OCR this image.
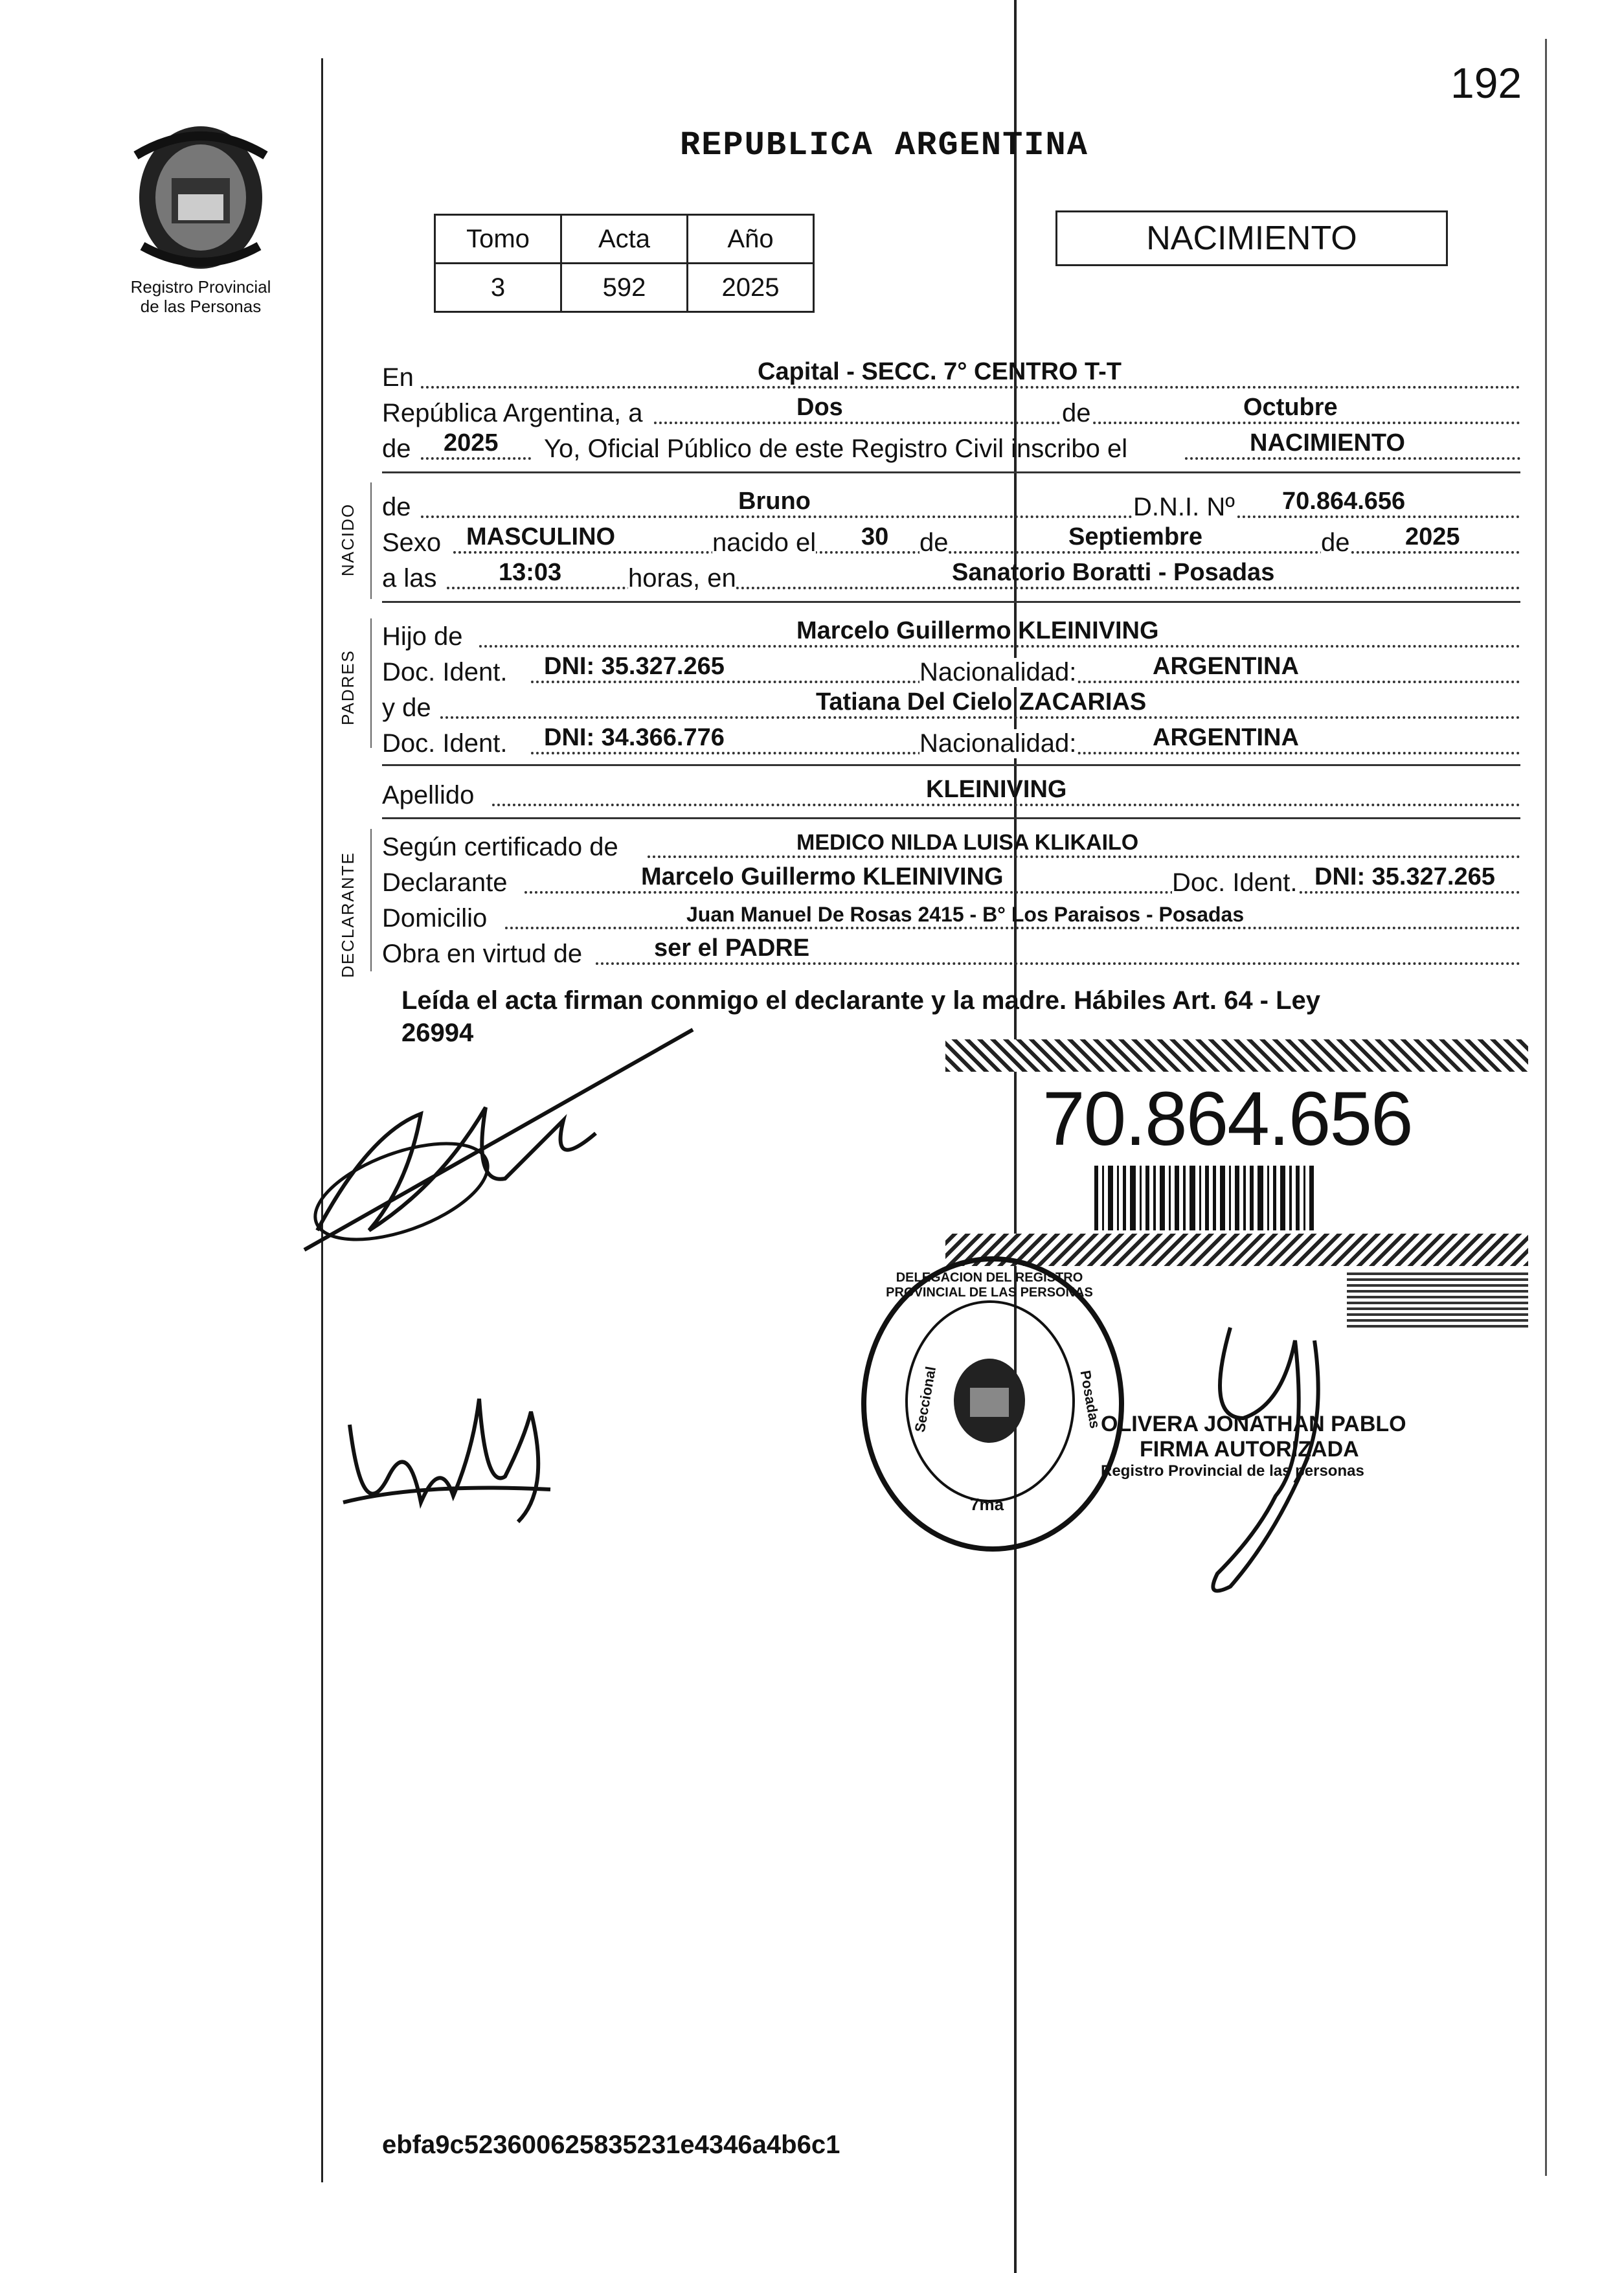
192
Registro Provincial
de las Personas
REPUBLICA ARGENTINA
Tomo	Acta	Año
3	592	2025
NACIMIENTO
NACIDO
PADRES
DECLARANTE
En	Capital - SECC. 7° CENTRO T-T
República Argentina, a	Dos	de	Octubre
de 2025 Yo, Oficial Público de este Registro Civil inscribo el	NACIMIENTO
de	Bruno	D.N.I. Nº 70.864.656
Sexo MASCULINO	nacido el 30 de	Septiembre	de 2025
a las	13:03	horas, en	Sanatorio Boratti - Posadas
Hijo de	Marcelo Guillermo KLEINIVING
Doc. Ident. DNI: 35.327.265	Nacionalidad:	ARGENTINA
y de	Tatiana Del Cielo ZACARIAS
Doc. Ident. DNI: 34.366.776	Nacionalidad:	ARGENTINA
Apellido	KLEINIVING
Según certificado de	MEDICO NILDA LUISA KLIKAILO
Declarante	Marcelo Guillermo KLEINIVING	Doc. Ident. DNI: 35.327.265
Domicilio	Juan Manuel De Rosas 2415 - B° Los Paraisos - Posadas
Obra en virtud de	ser el PADRE
Leída el acta firman conmigo el declarante y la madre. Hábiles Art. 64 - Ley
26994
70.864.656
DELEGACION DEL REGISTRO PROVINCIAL DE LAS PERSONAS
Seccional	Posadas
7ma
OLIVERA JONATHAN PABLO
FIRMA AUTORIZADA
Registro Provincial de las personas
ebfa9c523600625835231e4346a4b6c1
